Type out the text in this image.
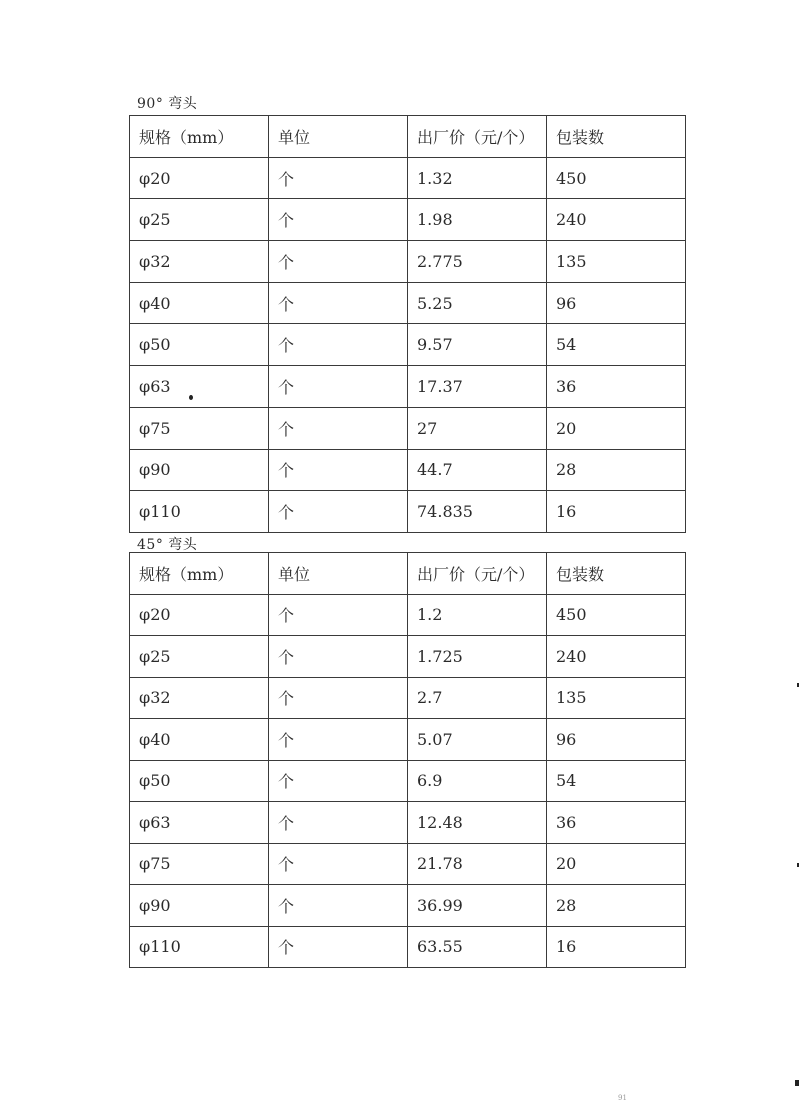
90° 弯头
规格（mm）	单位	出厂价（元/个）	包装数
φ20	个	1.32	450
φ25	个	1.98	240
φ32	个	2.775	135
φ40	个	5.25	96
φ50	个	9.57	54
φ63	个	17.37	36
φ75	个	27	20
φ90	个	44.7	28
φ110	个	74.835	16
45° 弯头
规格（mm）	单位	出厂价（元/个）	包装数
φ20	个	1.2	450
φ25	个	1.725	240
φ32	个	2.7	135
φ40	个	5.07	96
φ50	个	6.9	54
φ63	个	12.48	36
φ75	个	21.78	20
φ90	个	36.99	28
φ110	个	63.55	16
91
